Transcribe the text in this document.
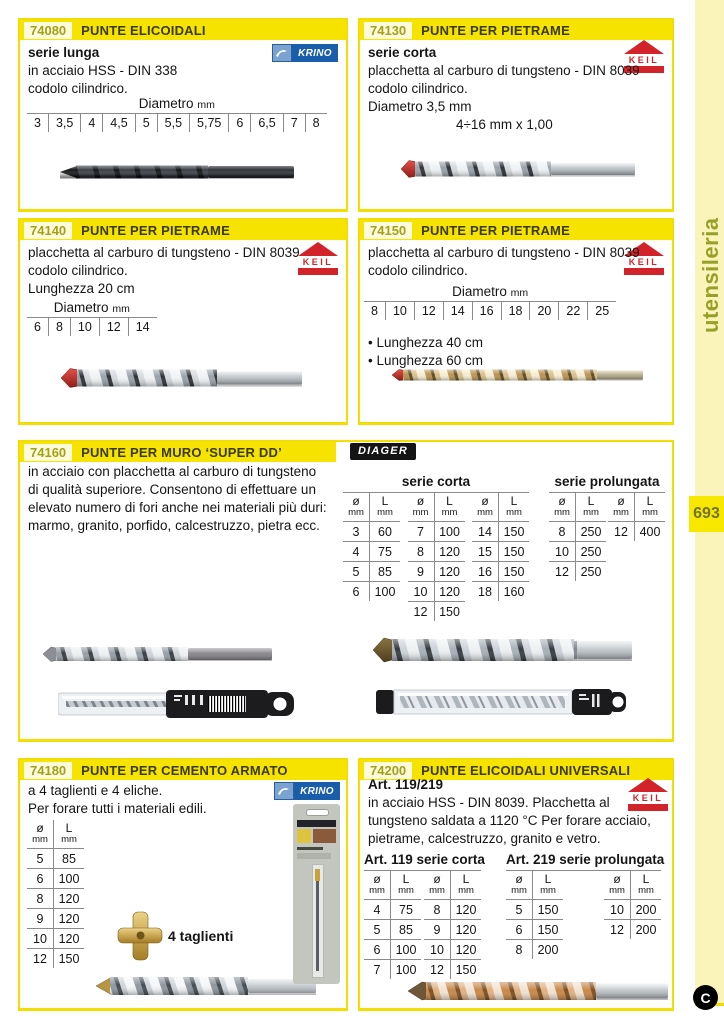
74080	PUNTE ELICOIDALI
KRINO
serie lunga
in acciaio HSS - DIN 338
codolo cilindrico.
Diametro mm
3	3,5	4	4,5	5	5,5	5,75	6	6,5	7	8
74130	PUNTE PER PIETRAME
KEIL
serie corta
placchetta al carburo di tungsteno - DIN 8039
codolo cilindrico.
Diametro 3,5 mm
4÷16 mm x 1,00
74140	PUNTE PER PIETRAME
KEIL
placchetta al carburo di tungsteno - DIN 8039
codolo cilindrico.
Lunghezza 20 cm
Diametro mm
6	8	10	12	14
74150	PUNTE PER PIETRAME
KEIL
placchetta al carburo di tungsteno - DIN 8039
codolo cilindrico.
Diametro mm
8	10	12	14	16	18	20	22	25
• Lunghezza 40 cm
• Lunghezza 60 cm
74160	PUNTE PER MURO ‘SUPER DD’	DIAGER
in acciaio con placchetta al carburo di tungsteno di qualità superiore. Consentono di effettuare un elevato numero di fori anche nei materiali più duri: marmo, granito, porfido, calcestruzzo, pietra ecc.
serie corta
ø
mm
L
mm
3	60
4	75
5	85
6	100
ø
mm
L
mm
7	100
8	120
9	120
10 120
12 150
ø
mm
L
mm
14 150
15 150
16 150
18 160
serie prolungata
ø
mm
L
mm
8	250
10 250
12 250
ø
mm
L
mm
12 400
74180	PUNTE PER CEMENTO ARMATO
KRINO
a 4 taglienti e 4 eliche.
Per forare tutti i materiali edili.
ø
mm
L
mm
5	85
6	100
8	120
9	120
10 120
12 150
4 taglienti
74200	PUNTE ELICOIDALI UNIVERSALI
KEIL
Art. 119/219
in acciaio HSS - DIN 8039. Placchetta al tungsteno saldata a 1120 °C Per forare acciaio, pietrame, calcestruzzo, granito e vetro.
Art. 119 serie corta
ø
mm
L
mm
4	75
5	85
6	100
7	100
ø
mm
L
mm
8	120
9	120
10 120
12 150
Art. 219 serie prolungata
ø
mm
L
mm
5	150
6	150
8	200
ø
mm
L
mm
10 200
12 200
utensileria
693
C
